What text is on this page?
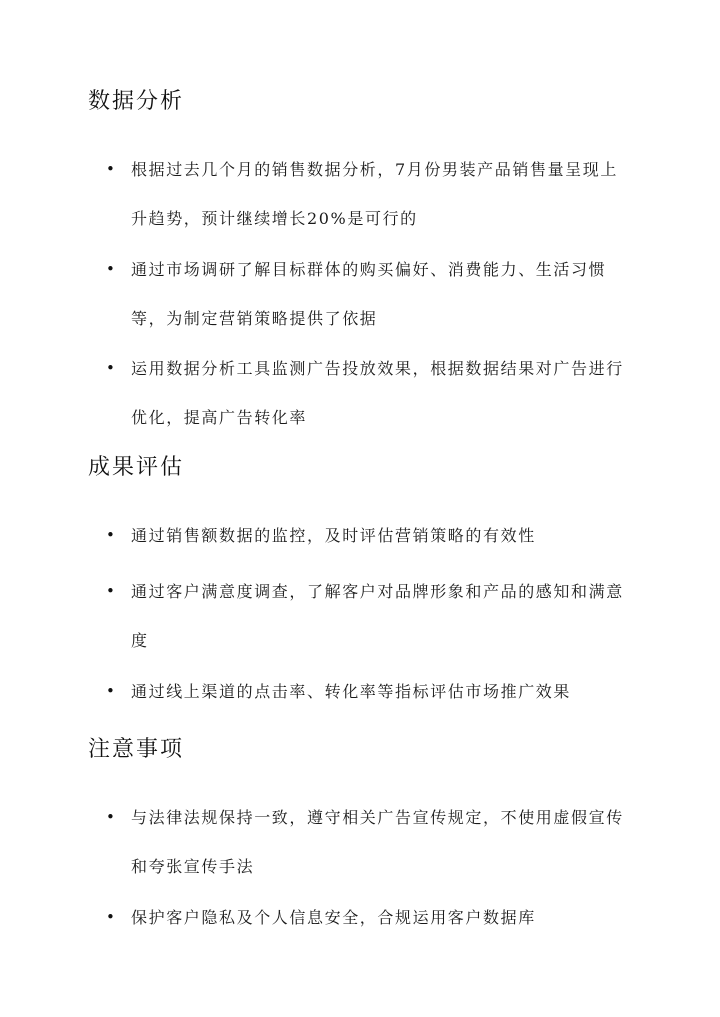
数据分析
•	根据过去几个月的销售数据分析，7月份男装产品销售量呈现上升趋势，预计继续增长20%是可行的
•	通过市场调研了解目标群体的购买偏好、消费能力、生活习惯等，为制定营销策略提供了依据
•	运用数据分析工具监测广告投放效果，根据数据结果对广告进行优化，提高广告转化率
成果评估
•	通过销售额数据的监控，及时评估营销策略的有效性
•	通过客户满意度调查，了解客户对品牌形象和产品的感知和满意度
•	通过线上渠道的点击率、转化率等指标评估市场推广效果
注意事项
•	与法律法规保持一致，遵守相关广告宣传规定，不使用虚假宣传和夸张宣传手法
•	保护客户隐私及个人信息安全，合规运用客户数据库
